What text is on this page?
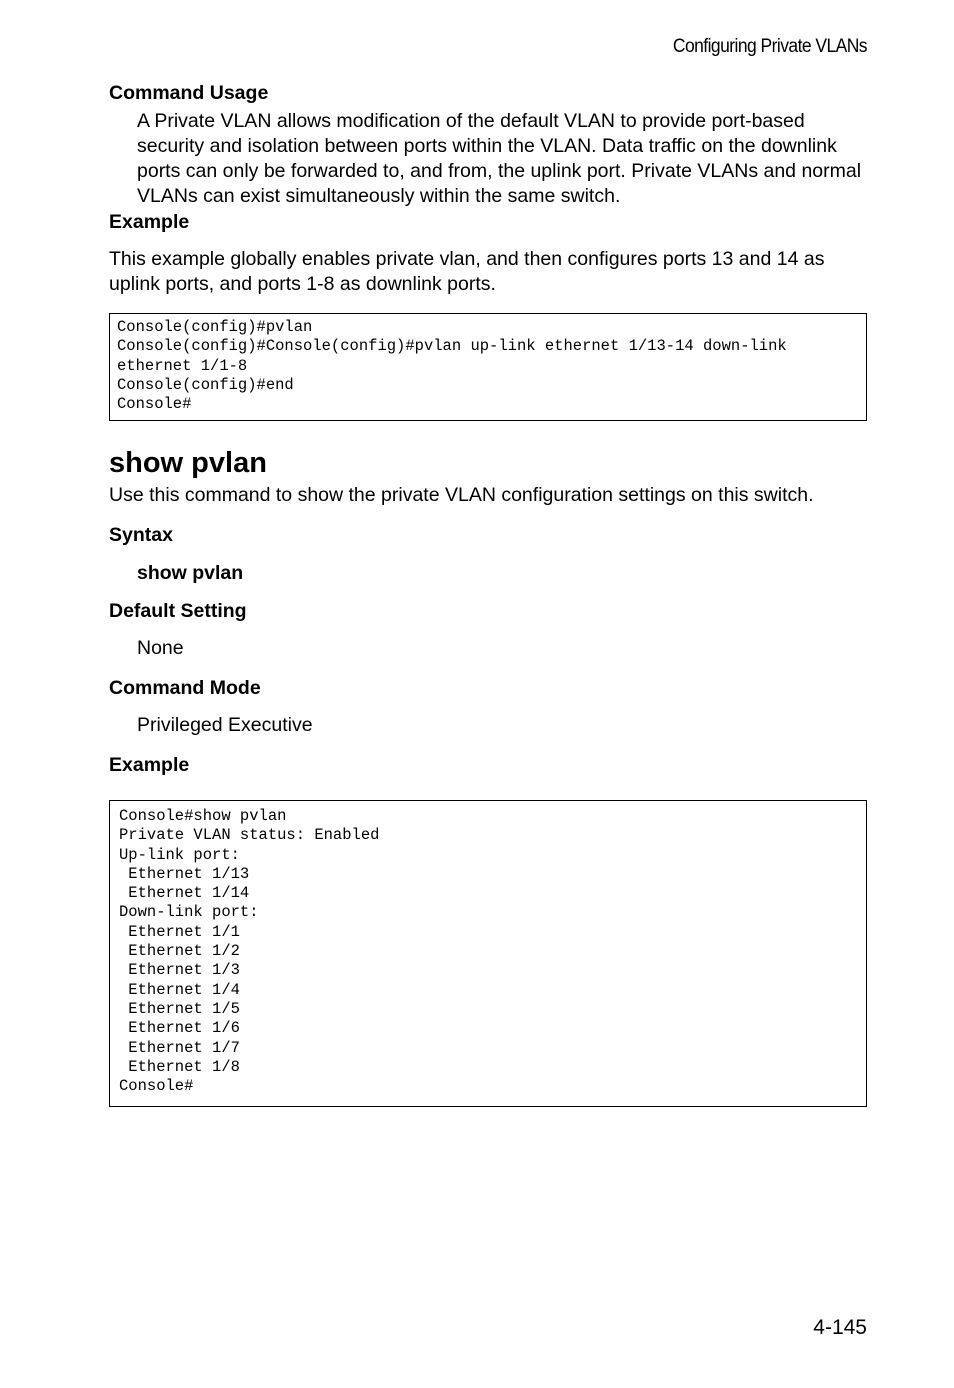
Configuring Private VLANs

Command Usage

A Private VLAN allows modification of the default VLAN to provide port-based security and isolation between ports within the VLAN. Data traffic on the downlink ports can only be forwarded to, and from, the uplink port. Private VLANs and normal VLANs can exist simultaneously within the same switch.

Example

This example globally enables private vlan, and then configures ports 13 and 14 as uplink ports, and ports 1-8 as downlink ports.

Console(config)#pvlan
Console(config)#Console(config)#pvlan up-link ethernet 1/13-14 down-link
ethernet 1/1-8
Console(config)#end
Console#

show pvlan

Use this command to show the private VLAN configuration settings on this switch.

Syntax

show pvlan

Default Setting

None

Command Mode

Privileged Executive

Example

Console#show pvlan
Private VLAN status: Enabled
Up-link port:
Ethernet 1/13
Ethernet 1/14
Down-link port:
Ethernet 1/1
Ethernet 1/2
Ethernet 1/3
Ethernet 1/4
Ethernet 1/5
Ethernet 1/6
Ethernet 1/7
Ethernet 1/8
Console#
4-145
